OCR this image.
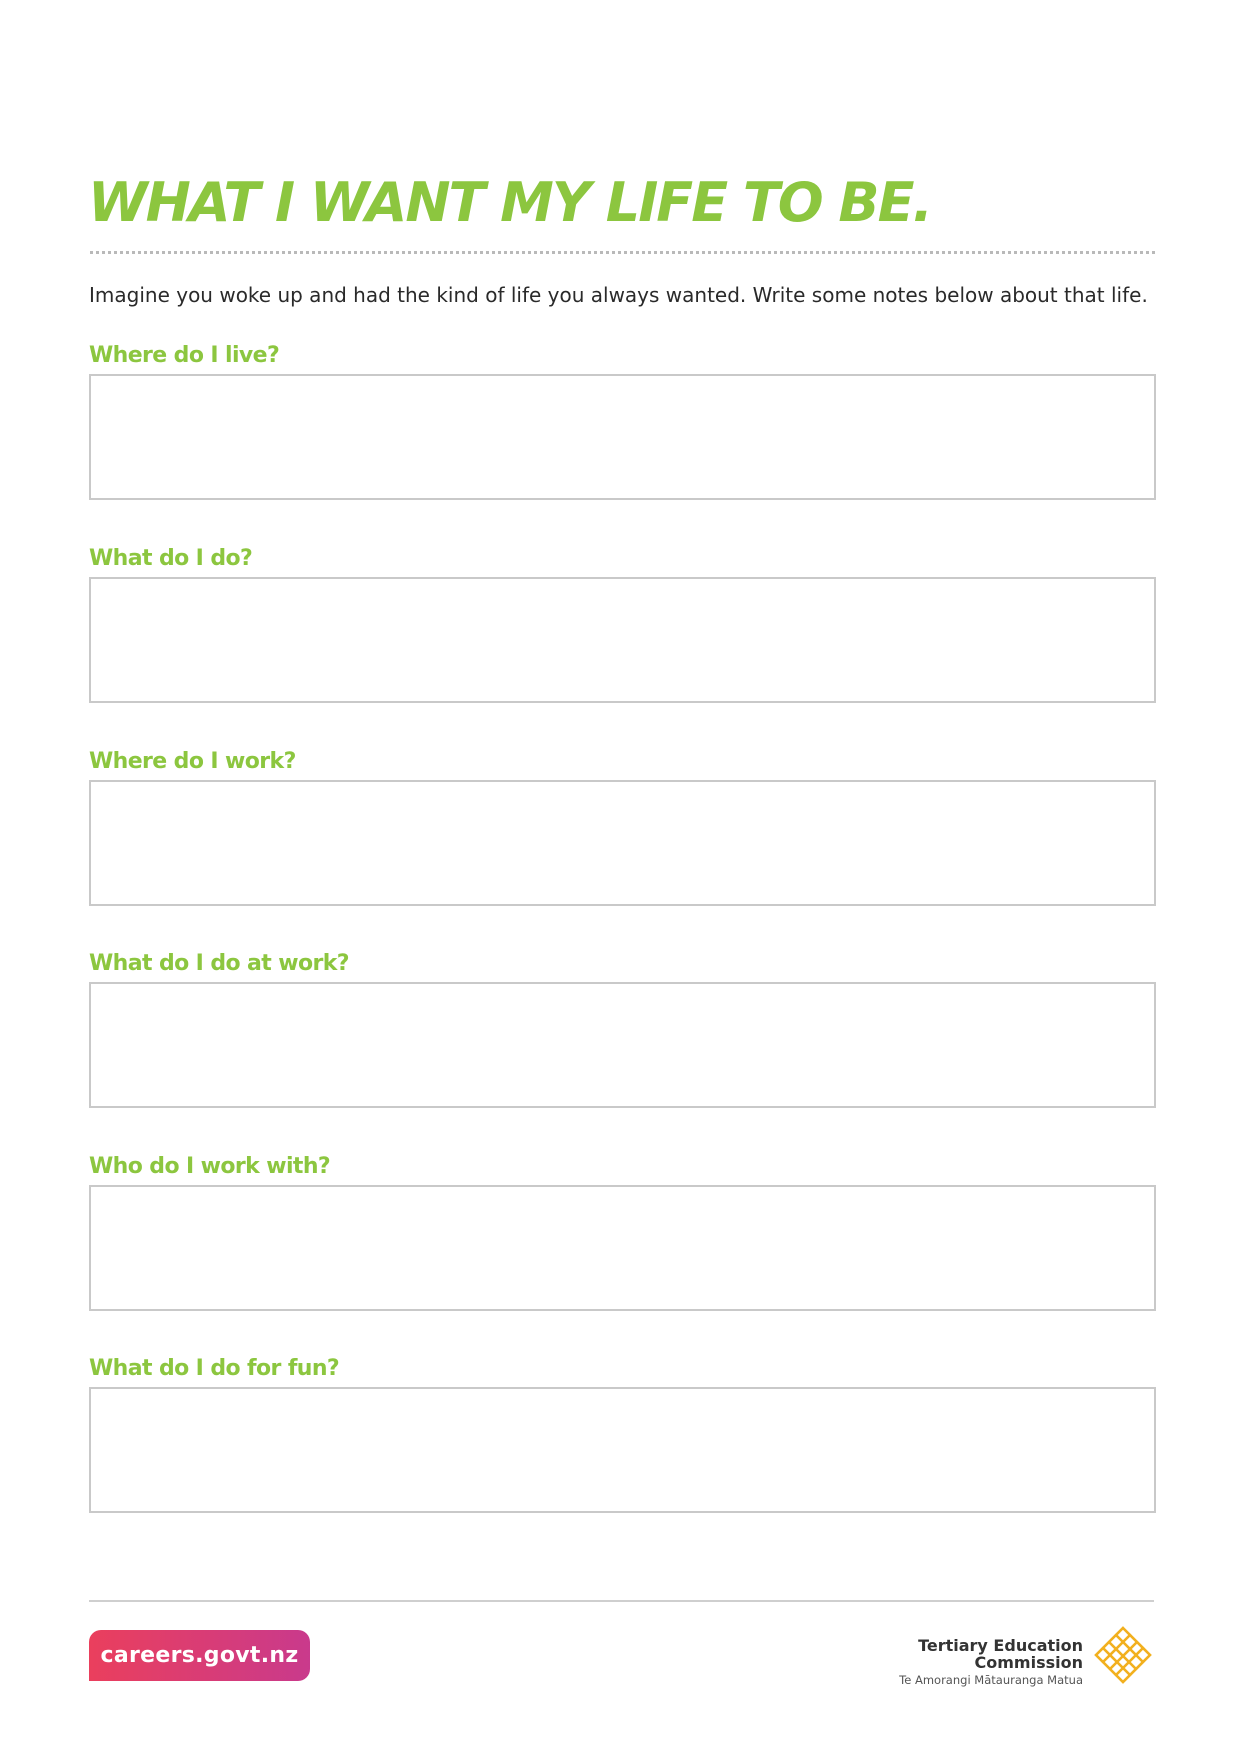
WHAT I WANT MY LIFE TO BE.

Imagine you woke up and had the kind of life you always wanted. Write some notes below about that life.

Where do I live?

What do I do?

Where do I work?

What do I do at work?

Who do I work with?

What do I do for fun?

careers.govt.nz	Tertiary Education
Commission
Te Amorangi Mātauranga Matua
